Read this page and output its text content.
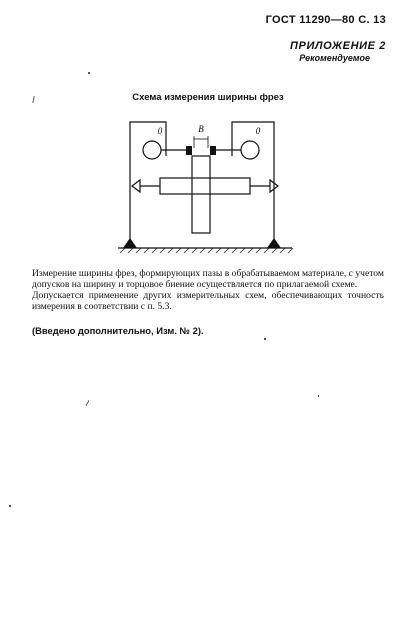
ГОСТ 11290—80 С. 13
ПРИЛОЖЕНИЕ 2
Рекомендуемое
Схема измерения ширины фрез
B
0	0

Измерение ширины фрез, формирующих пазы в обрабатываемом материале, с учетом допусков на ширину и торцовое биение осуществляется по прилагаемой схеме.

Допускается применение других измерительных схем, обеспечивающих точность измерения в соответствии с п. 5.3.

(Введено дополнительно, Изм. № 2).
